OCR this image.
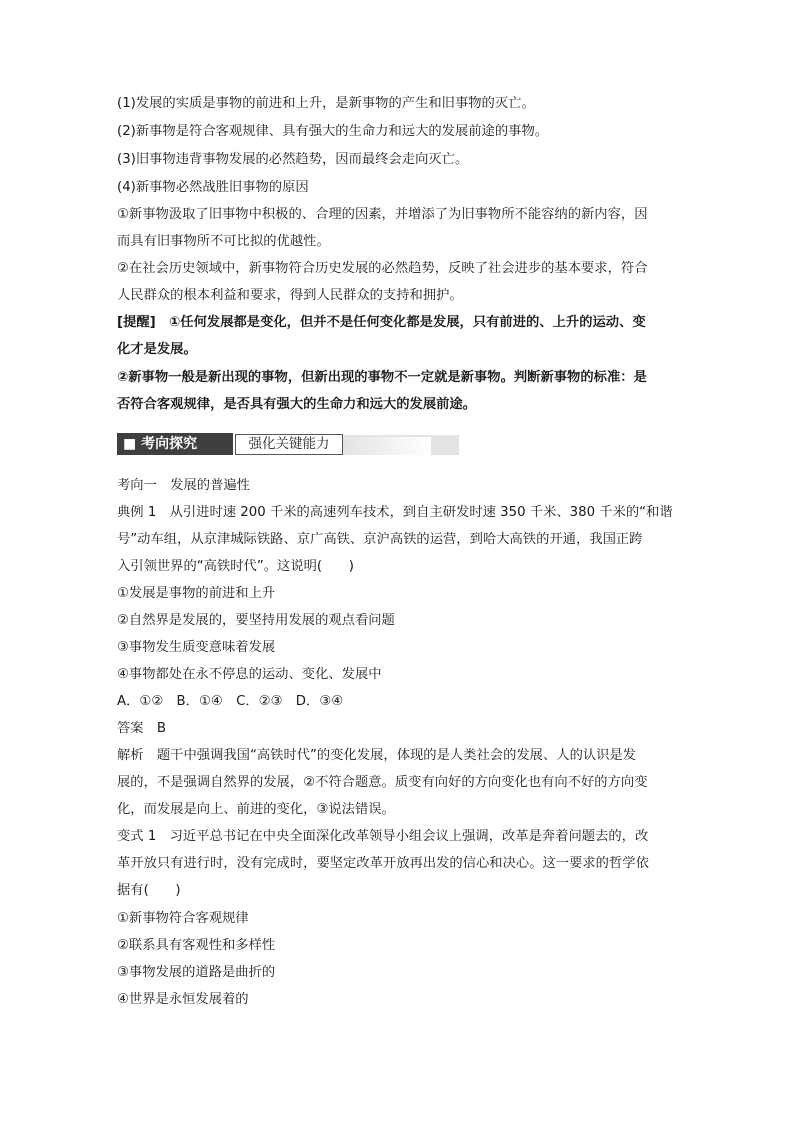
(1)发展的实质是事物的前进和上升，是新事物的产生和旧事物的灭亡。
(2)新事物是符合客观规律、具有强大的生命力和远大的发展前途的事物。
(3)旧事物违背事物发展的必然趋势，因而最终会走向灭亡。
(4)新事物必然战胜旧事物的原因
①新事物汲取了旧事物中积极的、合理的因素，并增添了为旧事物所不能容纳的新内容，因
而具有旧事物所不可比拟的优越性。
②在社会历史领域中，新事物符合历史发展的必然趋势，反映了社会进步的基本要求，符合
人民群众的根本利益和要求，得到人民群众的支持和拥护。
[提醒]　①任何发展都是变化，但并不是任何变化都是发展，只有前进的、上升的运动、变
化才是发展。
②新事物一般是新出现的事物，但新出现的事物不一定就是新事物。判断新事物的标准：是
否符合客观规律，是否具有强大的生命力和远大的发展前途。
■ 考向探究	强化关键能力
考向一　发展的普遍性
典例 1　从引进时速 200 千米的高速列车技术，到自主研发时速 350 千米、380 千米的“和谐
号”动车组，从京津城际铁路、京广高铁、京沪高铁的运营，到哈大高铁的开通，我国正跨
入引领世界的“高铁时代”。这说明(　　)
①发展是事物的前进和上升
②自然界是发展的，要坚持用发展的观点看问题
③事物发生质变意味着发展
④事物都处在永不停息的运动、变化、发展中
A．①②　B．①④　C．②③　D．③④
答案　B
解析　题干中强调我国“高铁时代”的变化发展，体现的是人类社会的发展、人的认识是发
展的，不是强调自然界的发展，②不符合题意。质变有向好的方向变化也有向不好的方向变
化，而发展是向上、前进的变化，③说法错误。
变式 1　习近平总书记在中央全面深化改革领导小组会议上强调，改革是奔着问题去的，改
革开放只有进行时，没有完成时，要坚定改革开放再出发的信心和决心。这一要求的哲学依
据有(　　)
①新事物符合客观规律
②联系具有客观性和多样性
③事物发展的道路是曲折的
④世界是永恒发展着的
